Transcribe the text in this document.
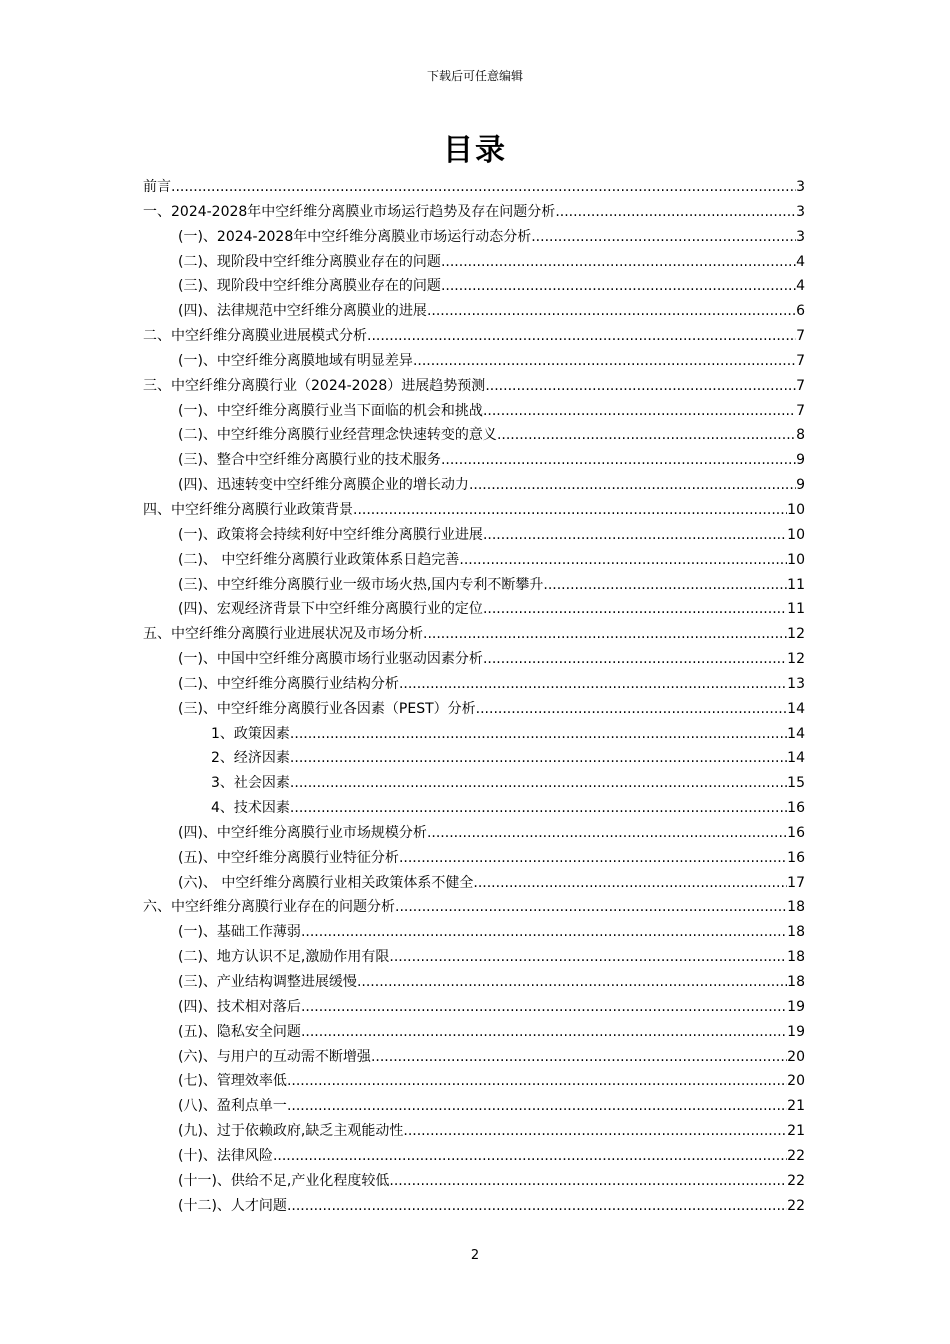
下载后可任意编辑
目录
前言 .....	3
一、2024-2028年中空纤维分离膜业市场运行趋势及存在问题分析 .....	3
(一)、2024-2028年中空纤维分离膜业市场运行动态分析 .....	3
(二)、现阶段中空纤维分离膜业存在的问题 .....	4
(三)、现阶段中空纤维分离膜业存在的问题 .....	4
(四)、法律规范中空纤维分离膜业的进展 .....	6
二、中空纤维分离膜业进展模式分析 .....	7
(一)、中空纤维分离膜地域有明显差异 .....	7
三、中空纤维分离膜行业（2024-2028）进展趋势预测 .....	7
(一)、中空纤维分离膜行业当下面临的机会和挑战 .....	7
(二)、中空纤维分离膜行业经营理念快速转变的意义 .....	8
(三)、整合中空纤维分离膜行业的技术服务 .....	9
(四)、迅速转变中空纤维分离膜企业的增长动力 .....	9
四、中空纤维分离膜行业政策背景 .....	10
(一)、政策将会持续利好中空纤维分离膜行业进展 .....	10
(二)、 中空纤维分离膜行业政策体系日趋完善 .....	10
(三)、中空纤维分离膜行业一级市场火热,国内专利不断攀升 .....	11
(四)、宏观经济背景下中空纤维分离膜行业的定位 .....	11
五、中空纤维分离膜行业进展状况及市场分析 .....	12
(一)、中国中空纤维分离膜市场行业驱动因素分析 .....	12
(二)、中空纤维分离膜行业结构分析 .....	13
(三)、中空纤维分离膜行业各因素（PEST）分析 .....	14
1、政策因素 .....	14
2、经济因素 .....	14
3、社会因素 .....	15
4、技术因素 .....	16
(四)、中空纤维分离膜行业市场规模分析 .....	16
(五)、中空纤维分离膜行业特征分析 .....	16
(六)、 中空纤维分离膜行业相关政策体系不健全 .....	17
六、中空纤维分离膜行业存在的问题分析 .....	18
(一)、基础工作薄弱 .....	18
(二)、地方认识不足,激励作用有限 .....	18
(三)、产业结构调整进展缓慢 .....	18
(四)、技术相对落后 .....	19
(五)、隐私安全问题 .....	19
(六)、与用户的互动需不断增强 .....	20
(七)、管理效率低 .....	20
(八)、盈利点单一 .....	21
(九)、过于依赖政府,缺乏主观能动性 .....	21
(十)、法律风险 .....	22
(十一)、供给不足,产业化程度较低 .....	22
(十二)、人才问题 .....	22
2
